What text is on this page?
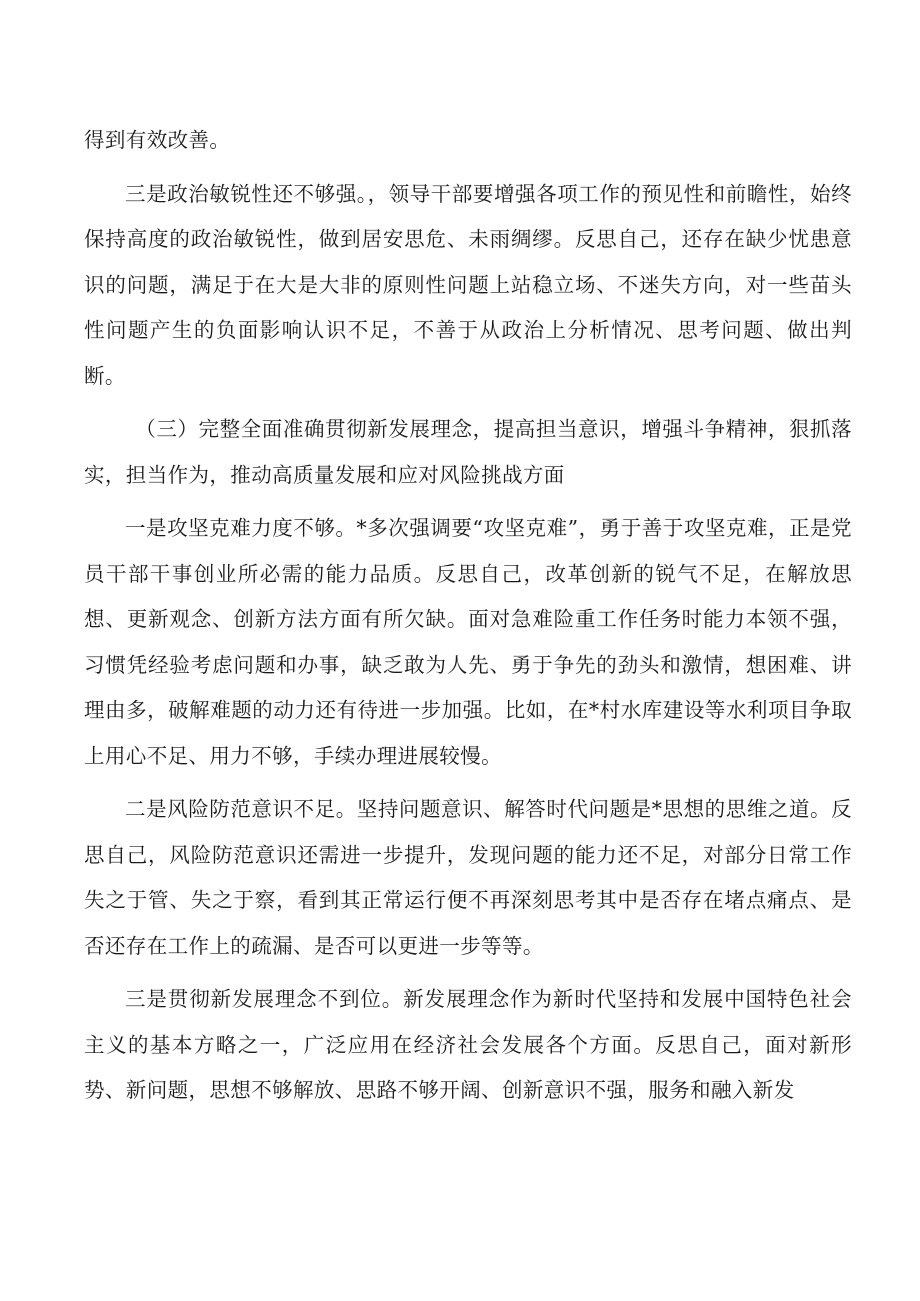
得到有效改善。

三是政治敏锐性还不够强。，领导干部要增强各项工作的预见性和前瞻性，始终保持高度的政治敏锐性，做到居安思危、未雨绸缪。反思自己，还存在缺少忧患意识的问题，满足于在大是大非的原则性问题上站稳立场、不迷失方向，对一些苗头性问题产生的负面影响认识不足，不善于从政治上分析情况、思考问题、做出判断。

（三）完整全面准确贯彻新发展理念，提高担当意识，增强斗争精神，狠抓落实，担当作为，推动高质量发展和应对风险挑战方面

一是攻坚克难力度不够。*多次强调要“攻坚克难”，勇于善于攻坚克难，正是党员干部干事创业所必需的能力品质。反思自己，改革创新的锐气不足，在解放思想、更新观念、创新方法方面有所欠缺。面对急难险重工作任务时能力本领不强，习惯凭经验考虑问题和办事，缺乏敢为人先、勇于争先的劲头和激情，想困难、讲理由多，破解难题的动力还有待进一步加强。比如，在*村水库建设等水利项目争取上用心不足、用力不够，手续办理进展较慢。

二是风险防范意识不足。坚持问题意识、解答时代问题是*思想的思维之道。反思自己，风险防范意识还需进一步提升，发现问题的能力还不足，对部分日常工作失之于管、失之于察，看到其正常运行便不再深刻思考其中是否存在堵点痛点、是否还存在工作上的疏漏、是否可以更进一步等等。

三是贯彻新发展理念不到位。新发展理念作为新时代坚持和发展中国特色社会主义的基本方略之一，广泛应用在经济社会发展各个方面。反思自己，面对新形势、新问题，思想不够解放、思路不够开阔、创新意识不强，服务和融入新发
